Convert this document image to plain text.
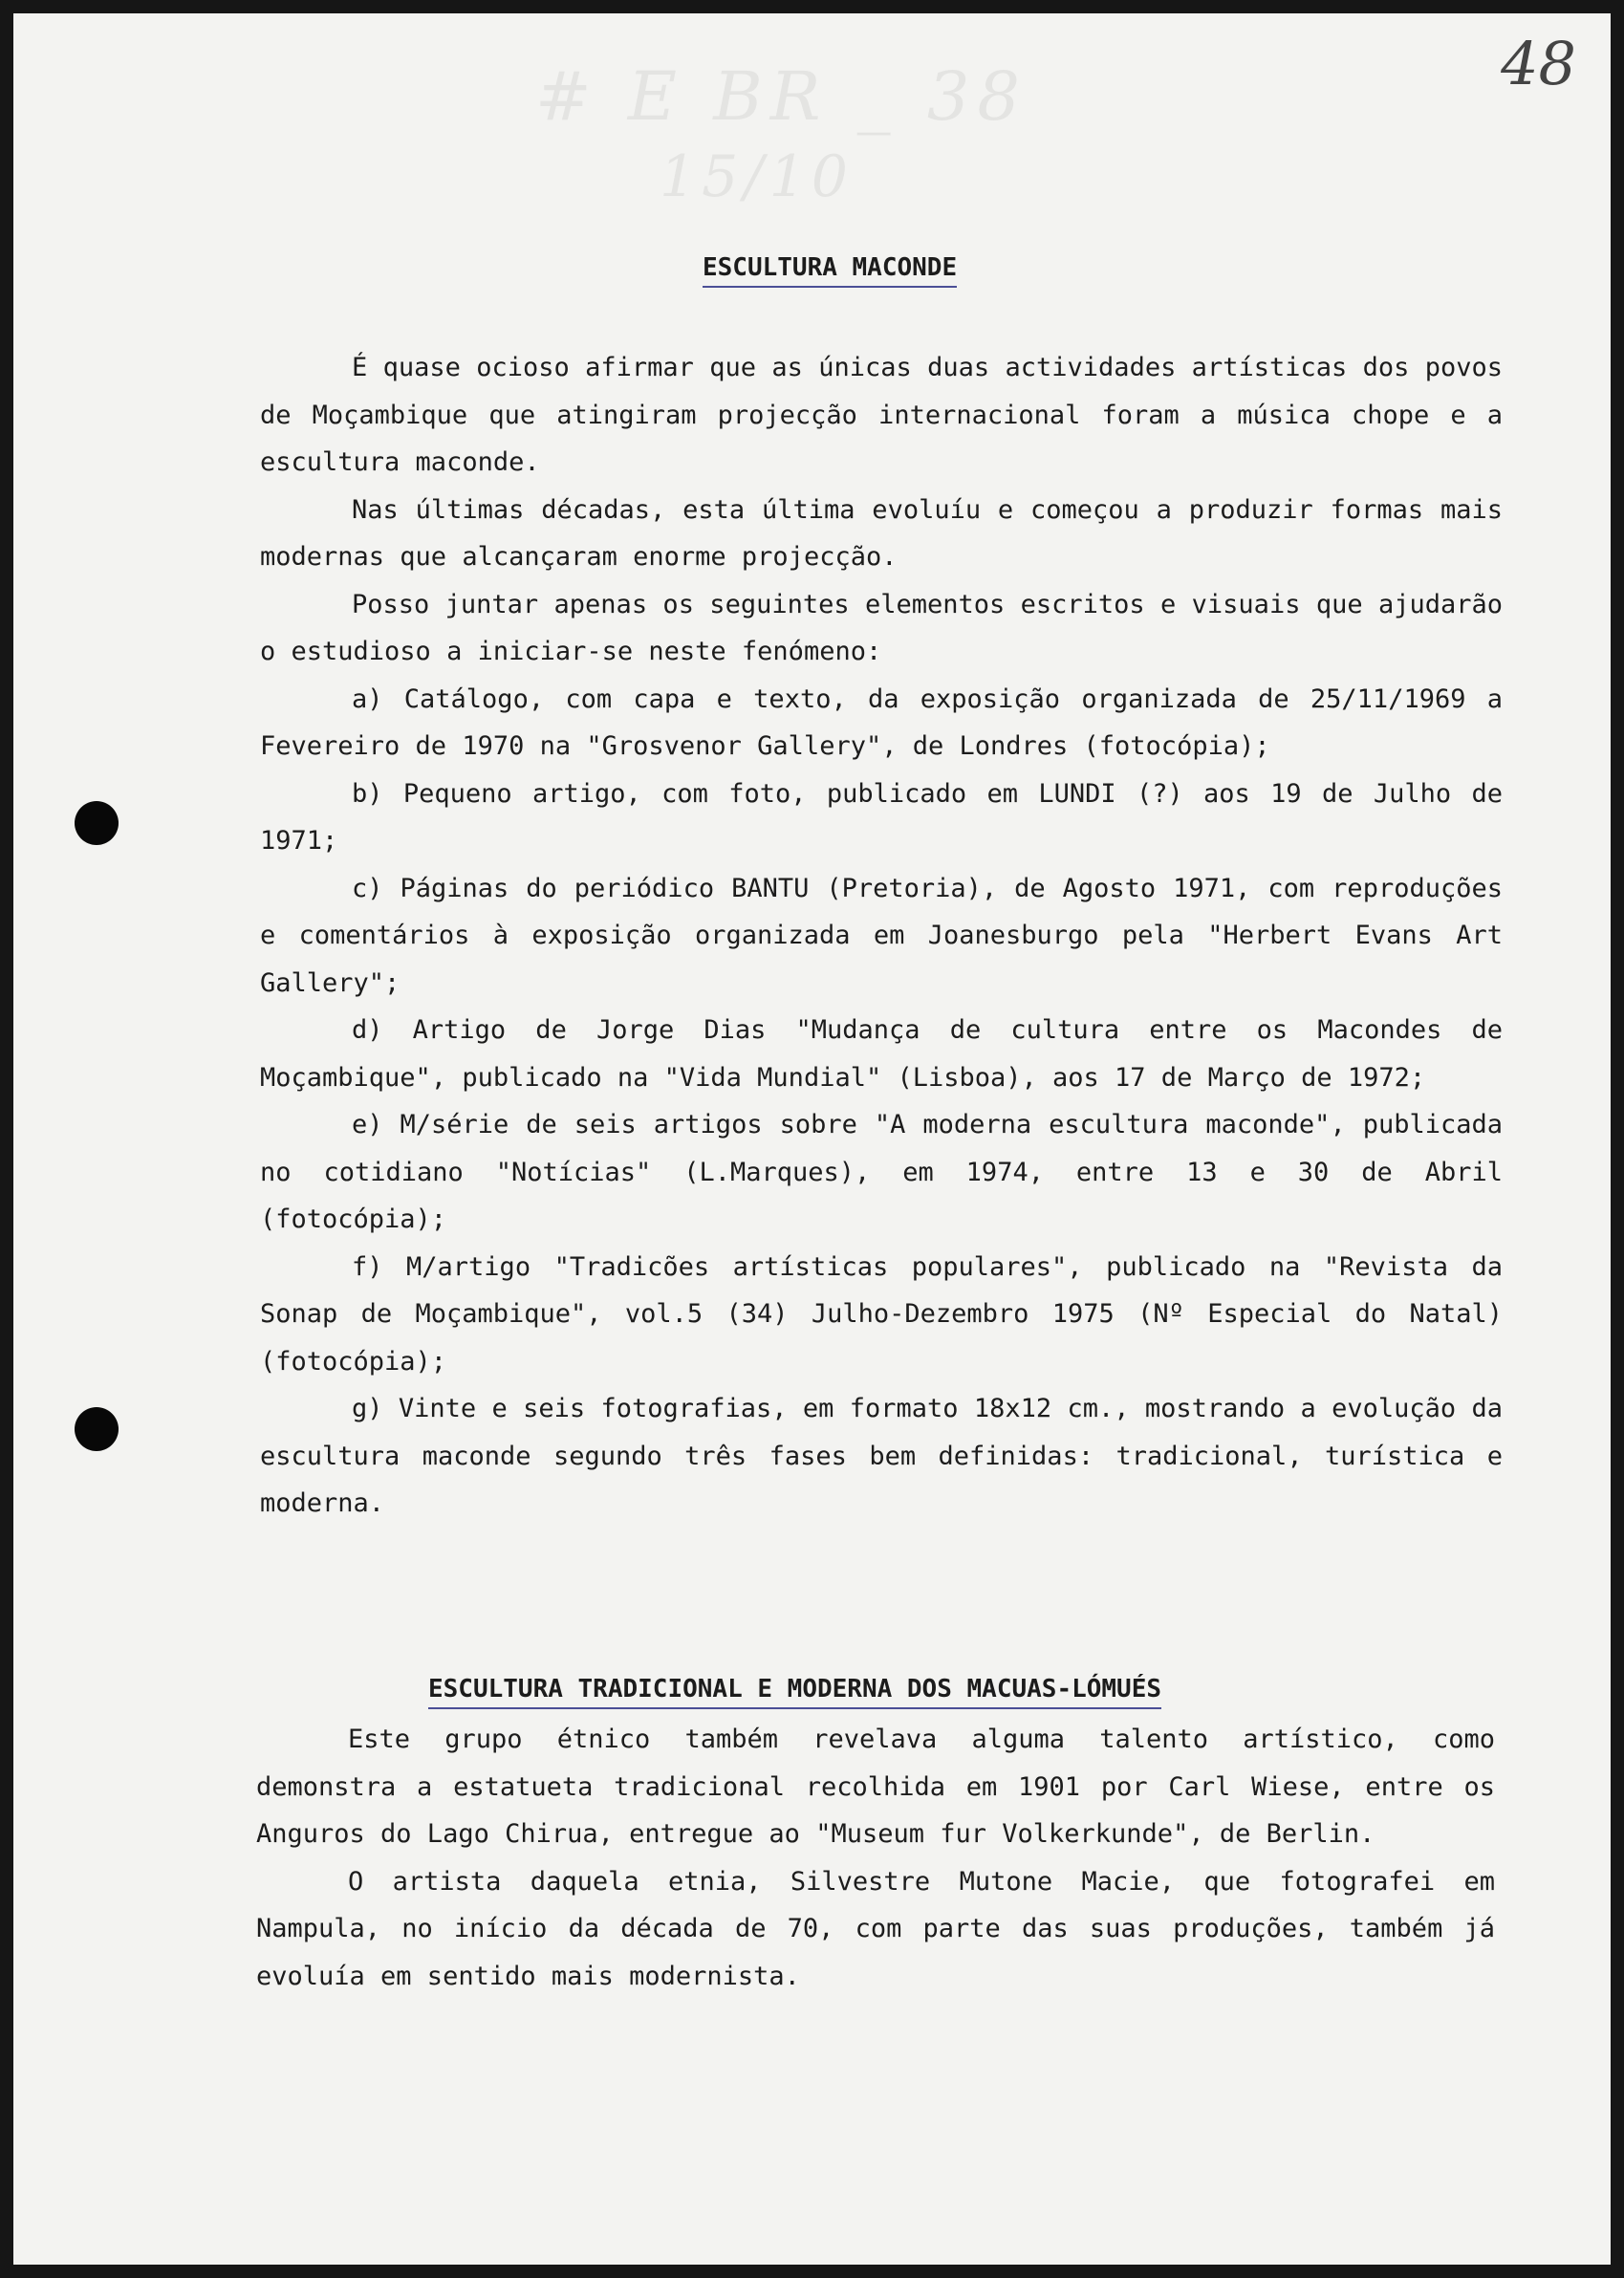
48

# E BR _ 38
15/10
ESCULTURA MACONDE

É quase ocioso afirmar que as únicas duas actividades artísticas dos povos de Moçambique que atingiram projecção internacional foram a música chope e a escultura maconde.

Nas últimas décadas, esta última evoluíu e começou a produzir formas mais modernas que alcançaram enorme projecção.

Posso juntar apenas os seguintes elementos escritos e visuais que ajudarão o estudioso a iniciar-se neste fenómeno:

a) Catálogo, com capa e texto, da exposição organizada de 25/11/1969 a Fevereiro de 1970 na "Grosvenor Gallery", de Londres (fotocópia);

b) Pequeno artigo, com foto, publicado em LUNDI (?) aos 19 de Julho de 1971;

c) Páginas do periódico BANTU (Pretoria), de Agosto 1971, com reproduções e comentários à exposição organizada em Joanesburgo pela "Herbert Evans Art Gallery";

d) Artigo de Jorge Dias "Mudança de cultura entre os Macondes de Moçambique", publicado na "Vida Mundial" (Lisboa), aos 17 de Março de 1972;

e) M/série de seis artigos sobre "A moderna escultura maconde", publicada no cotidiano "Notícias" (L.Marques), em 1974, entre 13 e 30 de Abril (fotocópia);

f) M/artigo "Tradicões artísticas populares", publicado na "Revista da Sonap de Moçambique", vol.5 (34) Julho-Dezembro 1975 (Nº Especial do Natal) (fotocópia);

g) Vinte e seis fotografias, em formato 18x12 cm., mostrando a evolução da escultura maconde segundo três fases bem definidas: tradicional, turística e moderna.

ESCULTURA TRADICIONAL E MODERNA DOS MACUAS-LÓMUÉS

Este grupo étnico também revelava alguma talento artístico, como demonstra a estatueta tradicional recolhida em 1901 por Carl Wiese, entre os Anguros do Lago Chirua, entregue ao "Museum fur Volkerkunde", de Berlin.

O artista daquela etnia, Silvestre Mutone Macie, que fotografei em Nampula, no início da década de 70, com parte das suas produções, também já evoluía em sentido mais modernista.
